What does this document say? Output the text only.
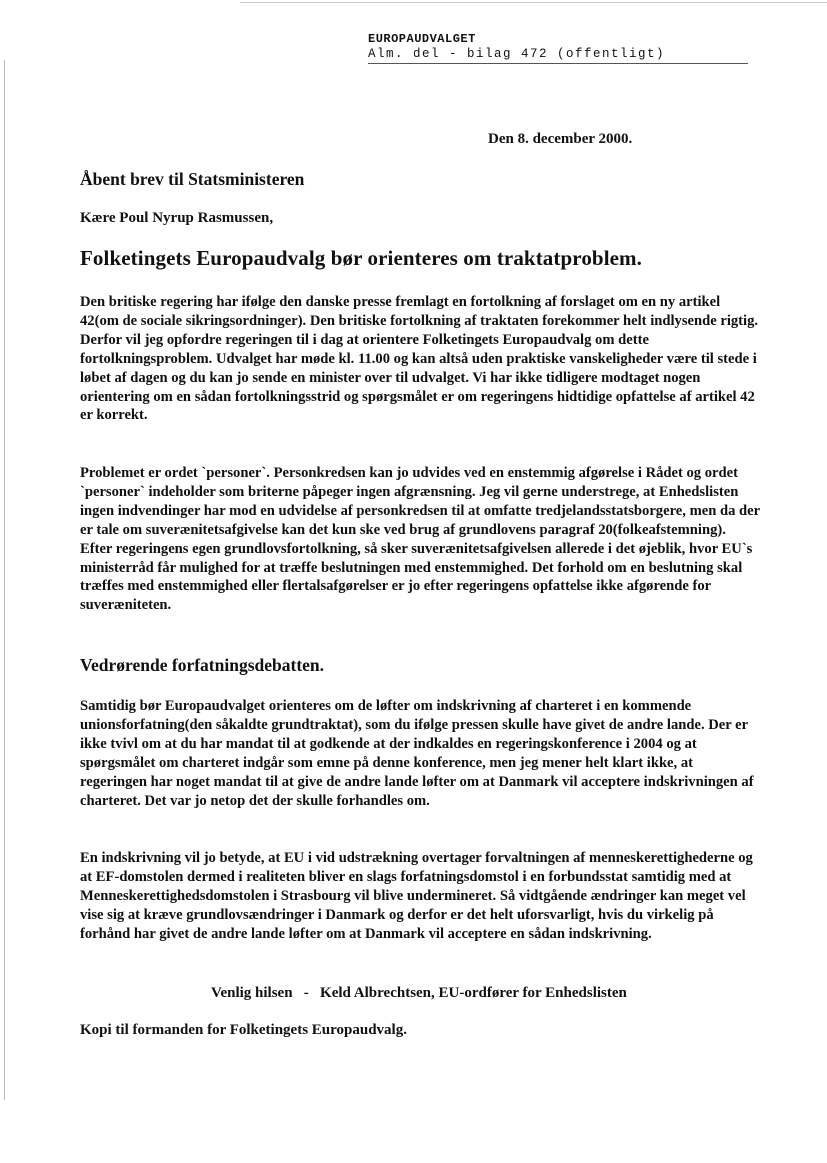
EUROPAUDVALGET
Alm. del - bilag 472 (offentligt)
Den 8. december 2000.
Åbent brev til Statsministeren
Kære Poul Nyrup Rasmussen,
Folketingets Europaudvalg bør orienteres om traktatproblem.

Den britiske regering har ifølge den danske presse fremlagt en fortolkning af forslaget om en ny artikel 42(om de sociale sikringsordninger). Den britiske fortolkning af traktaten forekommer helt indlysende rigtig.

Derfor vil jeg opfordre regeringen til i dag at orientere Folketingets Europaudvalg om dette fortolkningsproblem. Udvalget har møde kl. 11.00 og kan altså uden praktiske vanskeligheder være til stede i løbet af dagen og du kan jo sende en minister over til udvalget. Vi har ikke tidligere modtaget nogen orientering om en sådan fortolkningsstrid og spørgsmålet er om regeringens hidtidige opfattelse af artikel 42 er korrekt.

Problemet er ordet `personer`. Personkredsen kan jo udvides ved en enstemmig afgørelse i Rådet og ordet `personer` indeholder som briterne påpeger ingen afgrænsning. Jeg vil gerne understrege, at Enhedslisten ingen indvendinger har mod en udvidelse af personkredsen til at omfatte tredjelandsstatsborgere, men da der er tale om suverænitetsafgivelse kan det kun ske ved brug af grundlovens paragraf 20(folkeafstemning).

Efter regeringens egen grundlovsfortolkning, så sker suverænitetsafgivelsen allerede i det øjeblik, hvor EU`s ministerråd får mulighed for at træffe beslutningen med enstemmighed. Det forhold om en beslutning skal træffes med enstemmighed eller flertalsafgørelser er jo efter regeringens opfattelse ikke afgørende for suveræniteten.

Vedrørende forfatningsdebatten.

Samtidig bør Europaudvalget orienteres om de løfter om indskrivning af charteret i en kommende unionsforfatning(den såkaldte grundtraktat), som du ifølge pressen skulle have givet de andre lande. Der er ikke tvivl om at du har mandat til at godkende at der indkaldes en regeringskonference i 2004 og at spørgsmålet om charteret indgår som emne på denne konference, men jeg mener helt klart ikke, at regeringen har noget mandat til at give de andre lande løfter om at Danmark vil acceptere indskrivningen af charteret. Det var jo netop det der skulle forhandles om.

En indskrivning vil jo betyde, at EU i vid udstrækning overtager forvaltningen af menneskerettighederne og at EF-domstolen dermed i realiteten bliver en slags forfatningsdomstol i en forbundsstat samtidig med at Menneskerettighedsdomstolen i Strasbourg vil blive undermineret. Så vidtgående ændringer kan meget vel vise sig at kræve grundlovsændringer i Danmark og derfor er det helt uforsvarligt, hvis du virkelig på forhånd har givet de andre lande løfter om at Danmark vil acceptere en sådan indskrivning.

Venlig hilsen   -   Keld Albrechtsen, EU-ordfører for Enhedslisten
Kopi til formanden for Folketingets Europaudvalg.
